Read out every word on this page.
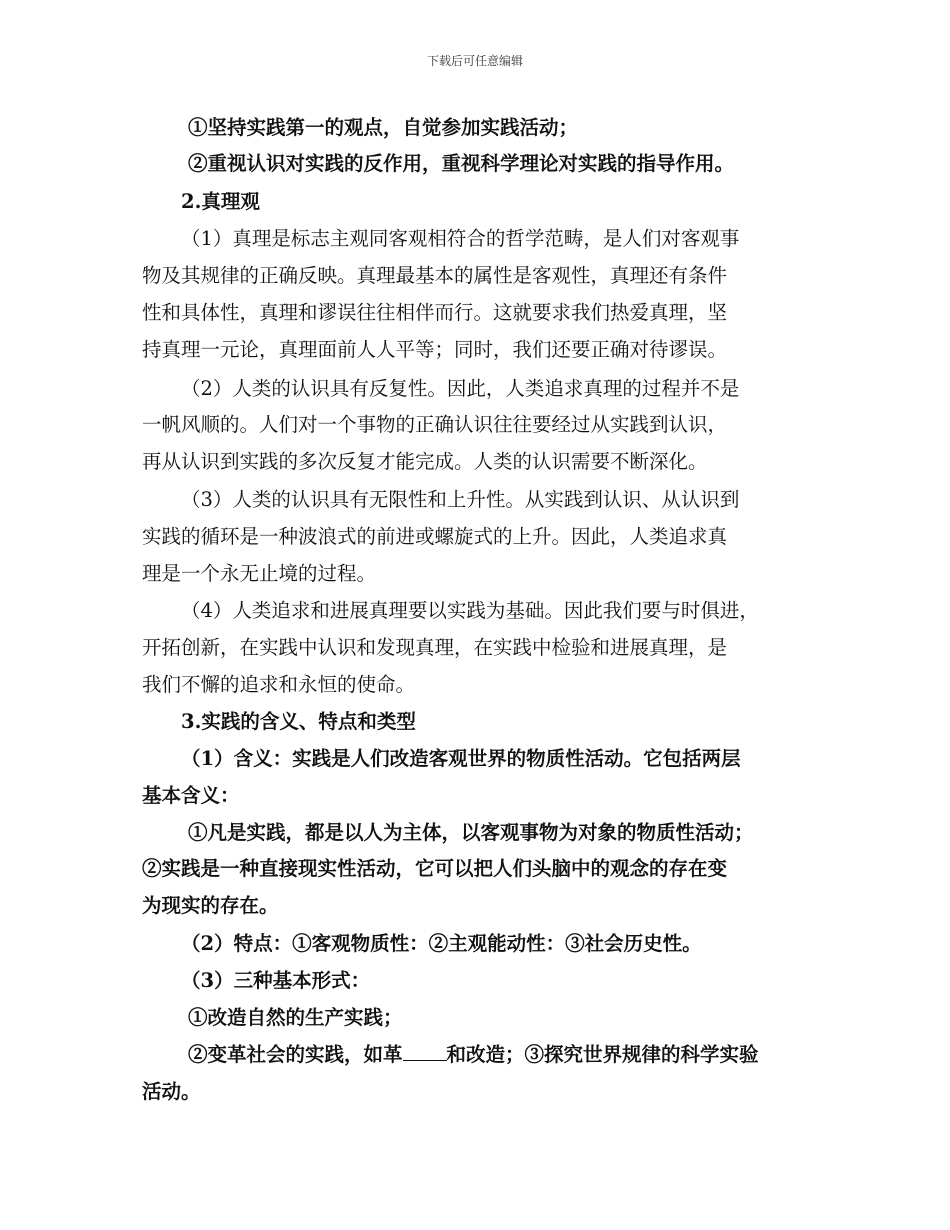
下载后可任意编辑
①坚持实践第一的观点，自觉参加实践活动；
②重视认识对实践的反作用，重视科学理论对实践的指导作用。
2.真理观
（1）真理是标志主观同客观相符合的哲学范畴，是人们对客观事
物及其规律的正确反映。真理最基本的属性是客观性，真理还有条件
性和具体性，真理和谬误往往相伴而行。这就要求我们热爱真理，坚
持真理一元论，真理面前人人平等；同时，我们还要正确对待谬误。
（2）人类的认识具有反复性。因此，人类追求真理的过程并不是
一帆风顺的。人们对一个事物的正确认识往往要经过从实践到认识，
再从认识到实践的多次反复才能完成。人类的认识需要不断深化。
（3）人类的认识具有无限性和上升性。从实践到认识、从认识到
实践的循环是一种波浪式的前进或螺旋式的上升。因此，人类追求真
理是一个永无止境的过程。
（4）人类追求和进展真理要以实践为基础。因此我们要与时俱进，
开拓创新，在实践中认识和发现真理，在实践中检验和进展真理，是
我们不懈的追求和永恒的使命。
3.实践的含义、特点和类型
（1）含义：实践是人们改造客观世界的物质性活动。它包括两层
基本含义：
①凡是实践，都是以人为主体，以客观事物为对象的物质性活动；
②实践是一种直接现实性活动，它可以把人们头脑中的观念的存在变
为现实的存在。
（2）特点：①客观物质性：②主观能动性：③社会历史性。
（3）三种基本形式：
①改造自然的生产实践；
②变革社会的实践，如革 和改造；③探究世界规律的科学实验
活动。
